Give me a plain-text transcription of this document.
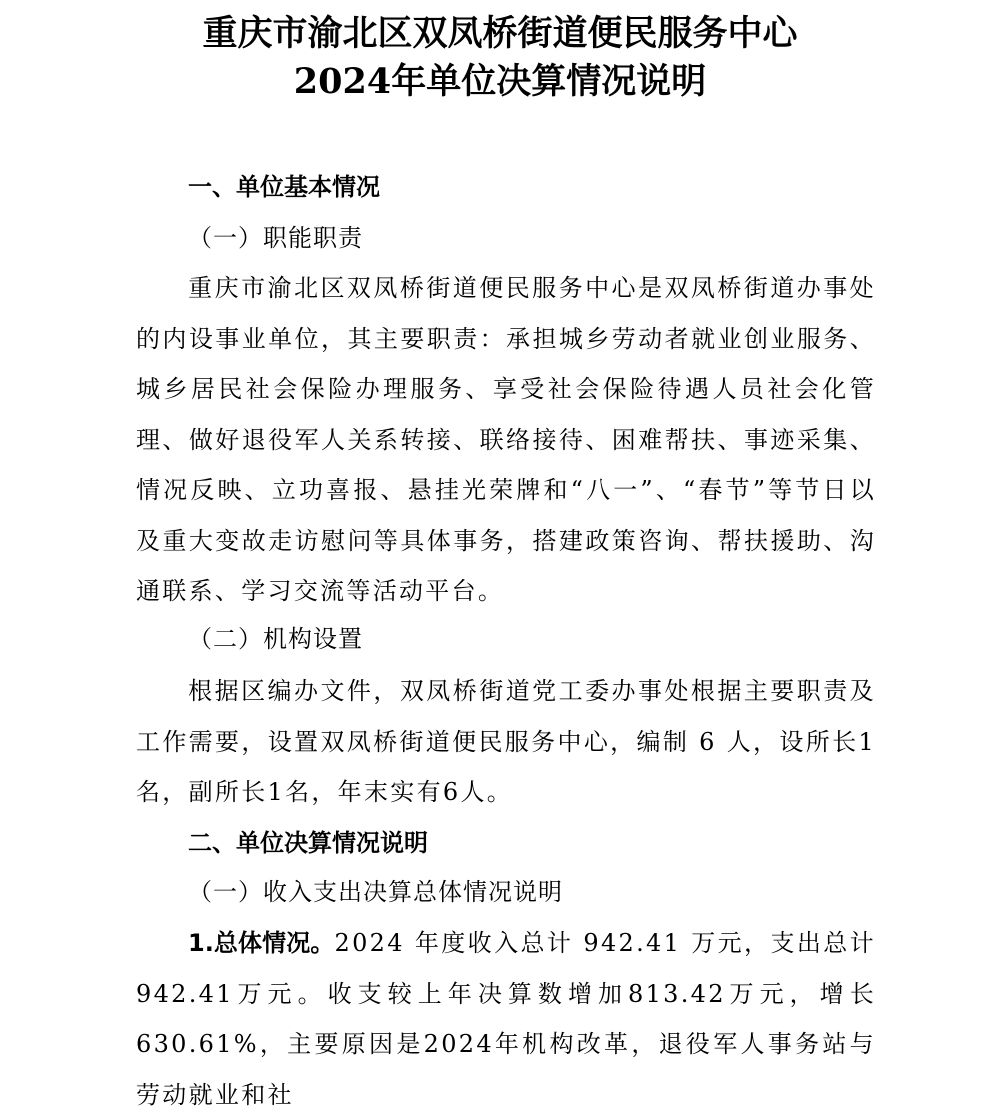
重庆市渝北区双凤桥街道便民服务中心
2024年单位决算情况说明
一、单位基本情况
（一）职能职责
重庆市渝北区双凤桥街道便民服务中心是双凤桥街道办事处的内设事业单位，其主要职责：承担城乡劳动者就业创业服务、城乡居民社会保险办理服务、享受社会保险待遇人员社会化管理、做好退役军人关系转接、联络接待、困难帮扶、事迹采集、情况反映、立功喜报、悬挂光荣牌和“八一”、“春节”等节日以及重大变故走访慰问等具体事务，搭建政策咨询、帮扶援助、沟通联系、学习交流等活动平台。
（二）机构设置
根据区编办文件，双凤桥街道党工委办事处根据主要职责及工作需要，设置双凤桥街道便民服务中心，编制 6 人，设所长1名，副所长1名，年末实有6人。
二、单位决算情况说明
（一）收入支出决算总体情况说明
1.总体情况。2024 年度收入总计 942.41 万元，支出总计942.41万元。收支较上年决算数增加813.42万元，增长630.61%，主要原因是2024年机构改革，退役军人事务站与劳动就业和社
